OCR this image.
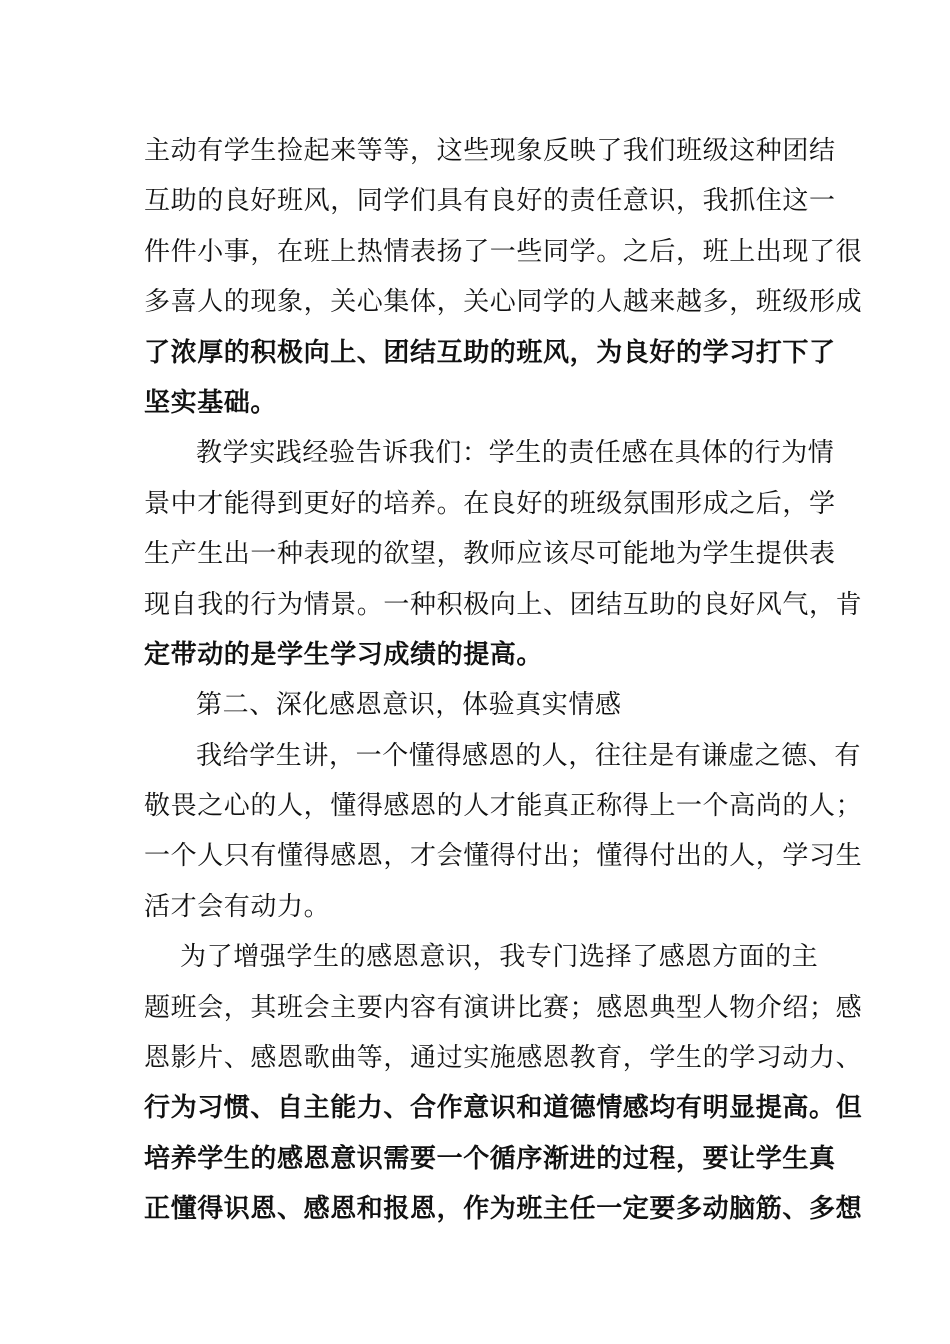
主动有学生捡起来等等，这些现象反映了我们班级这种团结
互助的良好班风，同学们具有良好的责任意识，我抓住这一
件件小事，在班上热情表扬了一些同学。之后，班上出现了很
多喜人的现象，关心集体，关心同学的人越来越多，班级形成
了浓厚的积极向上、团结互助的班风，为良好的学习打下了
坚实基础。
教学实践经验告诉我们：学生的责任感在具体的行为情
景中才能得到更好的培养。在良好的班级氛围形成之后，学
生产生出一种表现的欲望，教师应该尽可能地为学生提供表
现自我的行为情景。一种积极向上、团结互助的良好风气，肯
定带动的是学生学习成绩的提高。
第二、深化感恩意识，体验真实情感
我给学生讲，一个懂得感恩的人，往往是有谦虚之德、有
敬畏之心的人，懂得感恩的人才能真正称得上一个高尚的人；
一个人只有懂得感恩，才会懂得付出；懂得付出的人，学习生
活才会有动力。
为了增强学生的感恩意识，我专门选择了感恩方面的主
题班会，其班会主要内容有演讲比赛；感恩典型人物介绍；感
恩影片、感恩歌曲等，通过实施感恩教育，学生的学习动力、
行为习惯、自主能力、合作意识和道德情感均有明显提高。但
培养学生的感恩意识需要一个循序渐进的过程，要让学生真
正懂得识恩、感恩和报恩，作为班主任一定要多动脑筋、多想
